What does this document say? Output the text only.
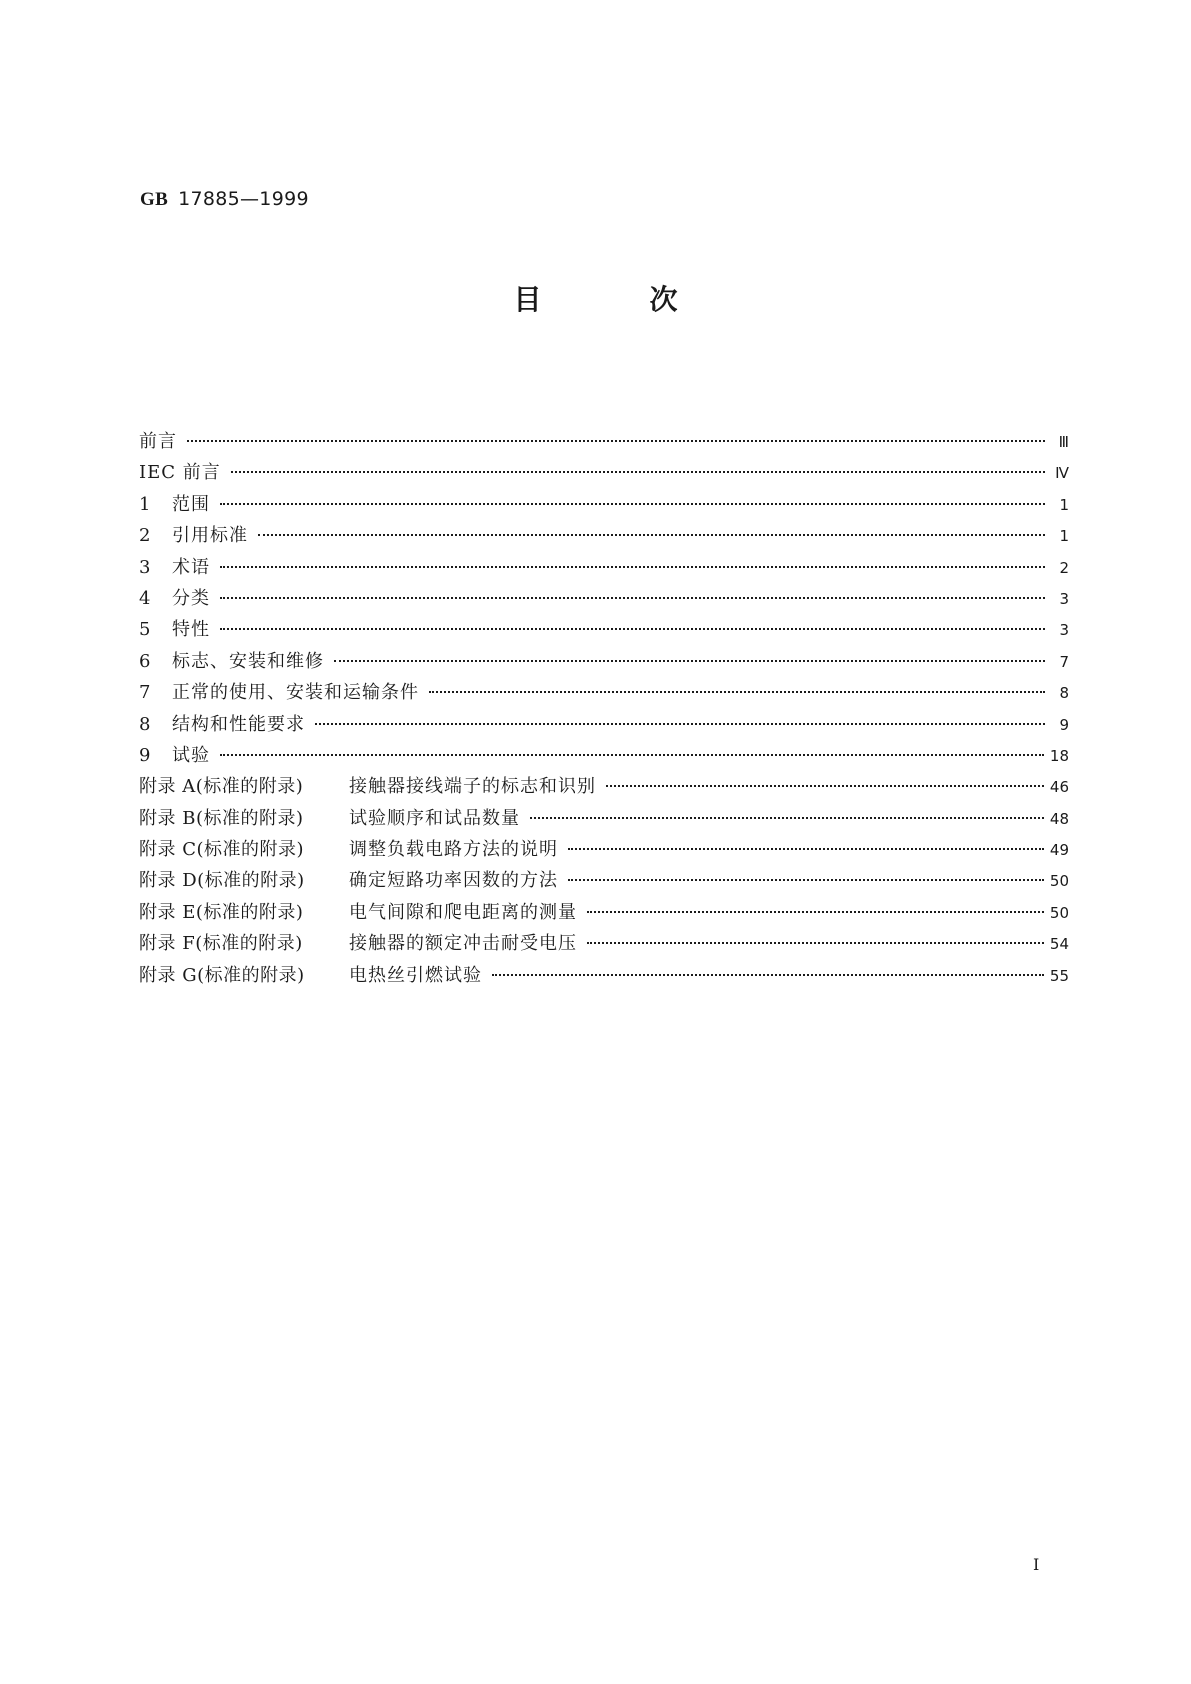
GB 17885—1999
目次
前言	Ⅲ
IEC 前言	Ⅳ
1	范围	1
2	引用标准	1
3	术语	2
4	分类	3
5	特性	3
6	标志、安装和维修	7
7	正常的使用、安装和运输条件	8
8	结构和性能要求	9
9	试验	18
附录 A(标准的附录)	接触器接线端子的标志和识别	46
附录 B(标准的附录)	试验顺序和试品数量	48
附录 C(标准的附录)	调整负载电路方法的说明	49
附录 D(标准的附录)	确定短路功率因数的方法	50
附录 E(标准的附录)	电气间隙和爬电距离的测量	50
附录 F(标准的附录)	接触器的额定冲击耐受电压	54
附录 G(标准的附录)	电热丝引燃试验	55
Ⅰ
